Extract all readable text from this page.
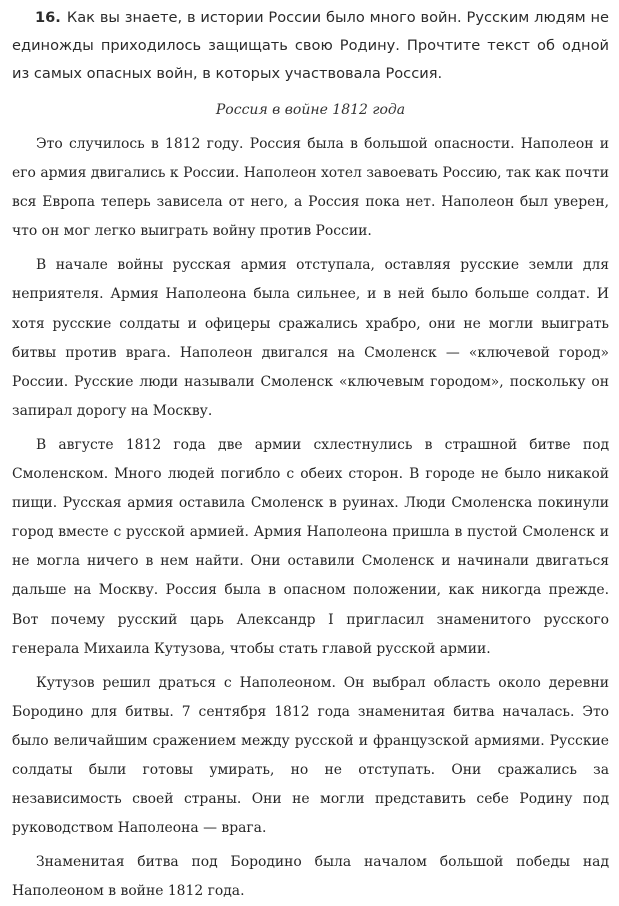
16. Как вы знаете, в истории России было много войн. Русским людям не единожды приходилось защищать свою Родину. Прочтите текст об одной из самых опасных войн, в которых участвовала Россия.

Россия в войне 1812 года

Это случилось в 1812 году. Россия была в большой опасности. Наполеон и его армия двигались к России. Наполеон хотел завоевать Россию, так как почти вся Европа теперь зависела от него, а Россия пока нет. Наполеон был уверен, что он мог легко выиграть войну против России.

В начале войны русская армия отступала, оставляя русские земли для неприятеля. Армия Наполеона была сильнее, и в ней было больше солдат. И хотя русские солдаты и офицеры сражались храбро, они не могли выиграть битвы против врага. Наполеон двигался на Смоленск — «ключевой город» России. Русские люди называли Смоленск «ключевым городом», поскольку он запирал дорогу на Москву.

В августе 1812 года две армии схлестнулись в страшной битве под Смоленском. Много людей погибло с обеих сторон. В городе не было никакой пищи. Русская армия оставила Смоленск в руинах. Люди Смоленска покинули город вместе с русской армией. Армия Наполеона пришла в пустой Смоленск и не могла ничего в нем найти. Они оставили Смоленск и начинали двигаться дальше на Москву. Россия была в опасном положении, как никогда прежде. Вот почему русский царь Александр I пригласил знаменитого русского генерала Михаила Кутузова, чтобы стать главой русской армии.

Кутузов решил драться с Наполеоном. Он выбрал область около деревни Бородино для битвы. 7 сентября 1812 года знаменитая битва началась. Это было величайшим сражением между русской и французской армиями. Русские солдаты были готовы умирать, но не отступать. Они сражались за независимость своей страны. Они не могли представить себе Родину под руководством Наполеона — врага.

Знаменитая битва под Бородино была началом большой победы над Наполеоном в войне 1812 года.
